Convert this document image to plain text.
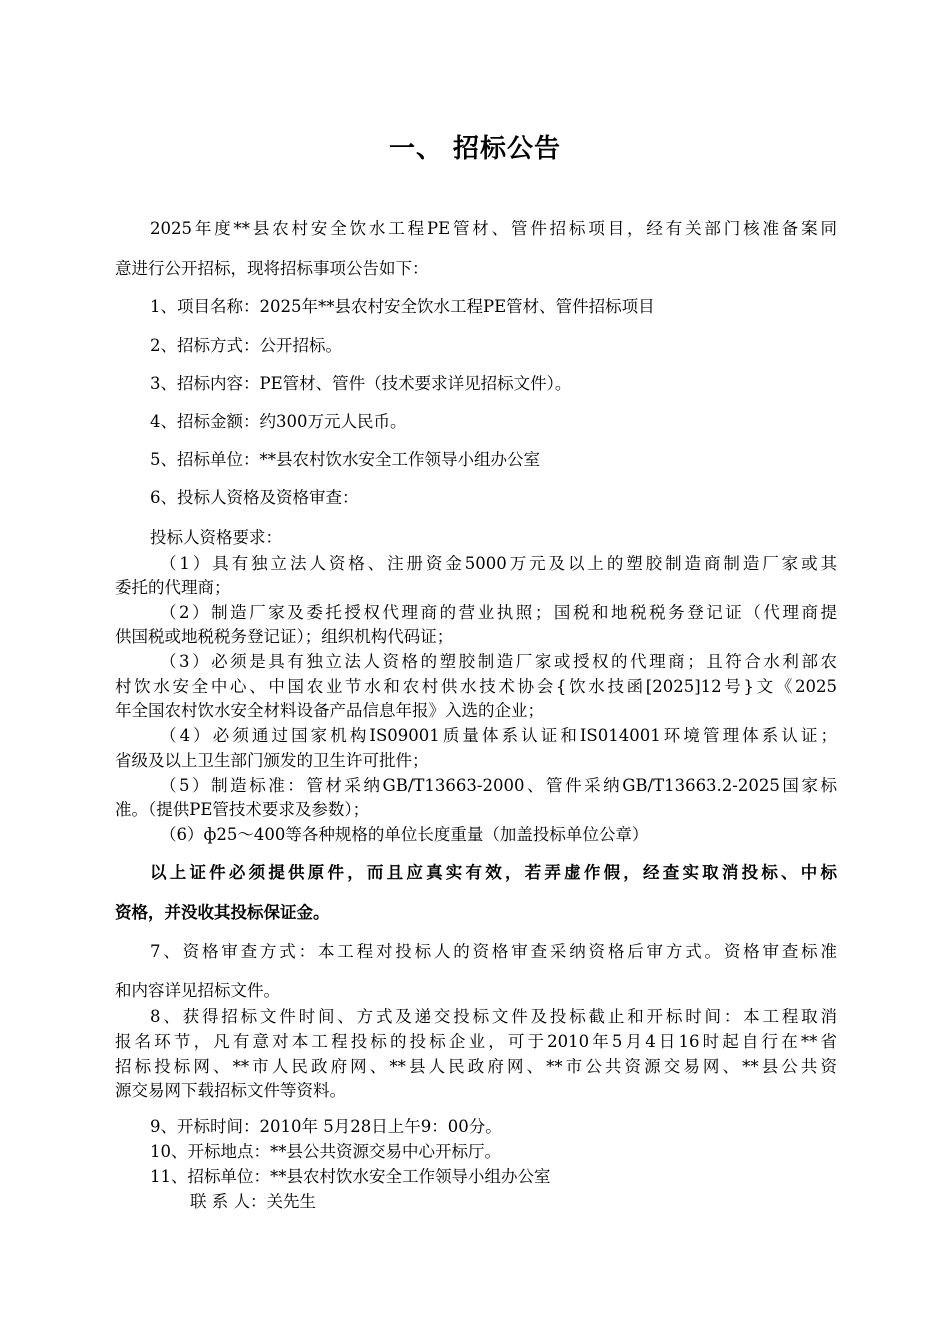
一、 招标公告

2025年度**县农村安全饮水工程PE管材、管件招标项目，经有关部门核准备案同

意进行公开招标，现将招标事项公告如下：

1、项目名称：2025年**县农村安全饮水工程PE管材、管件招标项目

2、招标方式：公开招标。

3、招标内容：PE管材、管件（技术要求详见招标文件）。

4、招标金额：约300万元人民币。

5、招标单位：**县农村饮水安全工作领导小组办公室

6、投标人资格及资格审查：

投标人资格要求：

（1）具有独立法人资格、注册资金5000万元及以上的塑胶制造商制造厂家或其

委托的代理商；

（2）制造厂家及委托授权代理商的营业执照；国税和地税税务登记证（代理商提

供国税或地税税务登记证）；组织机构代码证；

（3）必须是具有独立法人资格的塑胶制造厂家或授权的代理商；且符合水利部农

村饮水安全中心、中国农业节水和农村供水技术协会{饮水技函[2025]12号}文《2025

年全国农村饮水安全材料设备产品信息年报》入选的企业；

（4）必须通过国家机构IS09001质量体系认证和IS014001环境管理体系认证；

省级及以上卫生部门颁发的卫生许可批件；

（5）制造标准：管材采纳GB/T13663-2000、管件采纳GB/T13663.2-2025国家标

准。（提供PE管技术要求及参数）；

（6）ф25～400等各种规格的单位长度重量（加盖投标单位公章）

以上证件必须提供原件，而且应真实有效，若弄虚作假，经查实取消投标、中标

资格，并没收其投标保证金。

7、资格审查方式：本工程对投标人的资格审查采纳资格后审方式。资格审查标准

和内容详见招标文件。

8、获得招标文件时间、方式及递交投标文件及投标截止和开标时间：本工程取消

报名环节，凡有意对本工程投标的投标企业，可于2010年5月4日16时起自行在**省

招标投标网、**市人民政府网、**县人民政府网、**市公共资源交易网、**县公共资

源交易网下载招标文件等资料。

9、开标时间：2010年 5月28日上午9：00分。

10、开标地点：**县公共资源交易中心开标厅。

11、招标单位：**县农村饮水安全工作领导小组办公室

联 系 人：关先生
